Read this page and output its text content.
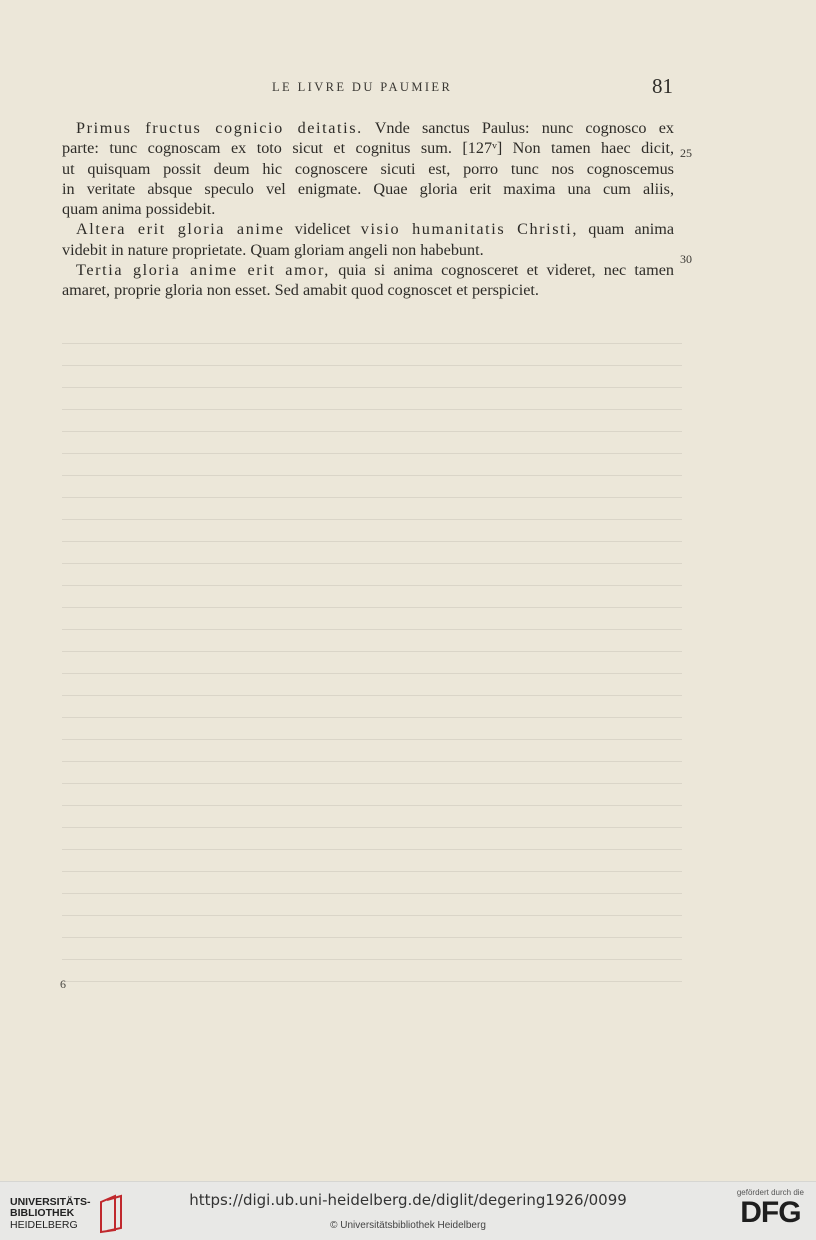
LE LIVRE DU PAUMIER	81
Primus fructus cognicio deitatis. Vnde sanctus Paulus: nunc cognosco ex
parte: tunc cognoscam ex toto sicut et cognitus sum. [127ᵛ] Non tamen haec dicit,
ut quisquam possit deum hic cognoscere sicuti est, porro tunc nos cognoscemus
in veritate absque speculo vel enigmate. Quae gloria erit maxima una cum aliis,
quam anima possidebit.
Altera erit gloria anime videlicet visio humanitatis Christi, quam anima
videbit in nature proprietate. Quam gloriam angeli non habebunt.
Tertia gloria anime erit amor, quia si anima cognosceret et videret, nec tamen
amaret, proprie gloria non esset. Sed amabit quod cognoscet et perspiciet.
25
30
6
UNIVERSITÄTS-
BIBLIOTHEK
HEIDELBERG
https://digi.ub.uni-heidelberg.de/diglit/degering1926/0099
© Universitätsbibliothek Heidelberg
gefördert durch die
DFG
